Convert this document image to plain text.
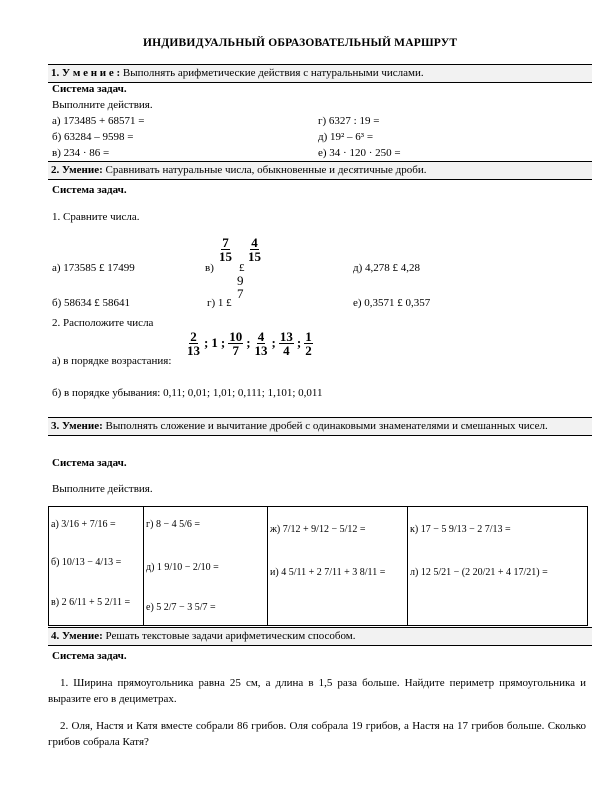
ИНДИВИДУАЛЬНЫЙ ОБРАЗОВАТЕЛЬНЫЙ МАРШРУТ
1. У м е н и е : Выполнять арифметические действия с натуральными числами.
Система задач.
Выполните действия.
а) 173485 + 68571 =
б) 63284 – 9598 =
в) 234 · 86 =
г) 6327 : 19 =
д) 19² – 6³ =
е) 34 · 120 · 250 =
2. Умение: Сравнивать натуральные числа, обыкновенные и десятичные дроби.
Система задач.
1. Сравните числа.
а) 173585 £ 17499
б) 58634 £ 58641
в)
$\frac{7}{15}$
£
$\frac{4}{15}$
г) 1 £
9
7
д) 4,278 £ 4,28
е) 0,3571 £ 0,357
2. Расположите числа
а) в порядке возрастания:
$\frac{2}{13}$ ; 1 ; $\frac{10}{7}$ ; $\frac{4}{13}$ ; $\frac{13}{4}$ ; $\frac{1}{2}$
б) в порядке убывания: 0,11; 0,01; 1,01; 0,111; 1,101; 0,011
3. Умение: Выполнять сложение и вычитание дробей с одинаковыми знаменателями и смешанных чисел.
Система задач.
Выполните действия.
а) 3/16 + 7/16 =
б) 10/13 − 4/13 =
в) 2 6/11 + 5 2/11 =
г) 8 − 4 5/6 =
д) 1 9/10 − 2/10 =
е) 5 2/7 − 3 5/7 =
ж) 7/12 + 9/12 − 5/12 =
и) 4 5/11 + 2 7/11 + 3 8/11 =
к) 17 − 5 9/13 − 2 7/13 =
л) 12 5/21 − (2 20/21 + 4 17/21) =
4. Умение: Решать текстовые задачи арифметическим способом.
Система задач.
1. Ширина прямоугольника равна 25 см, а длина в 1,5 раза больше. Найдите периметр прямоугольника и выразите его в дециметрах.
2. Оля, Настя и Катя вместе собрали 86 грибов. Оля собрала 19 грибов, а Настя на 17 грибов больше. Сколько грибов собрала Катя?
